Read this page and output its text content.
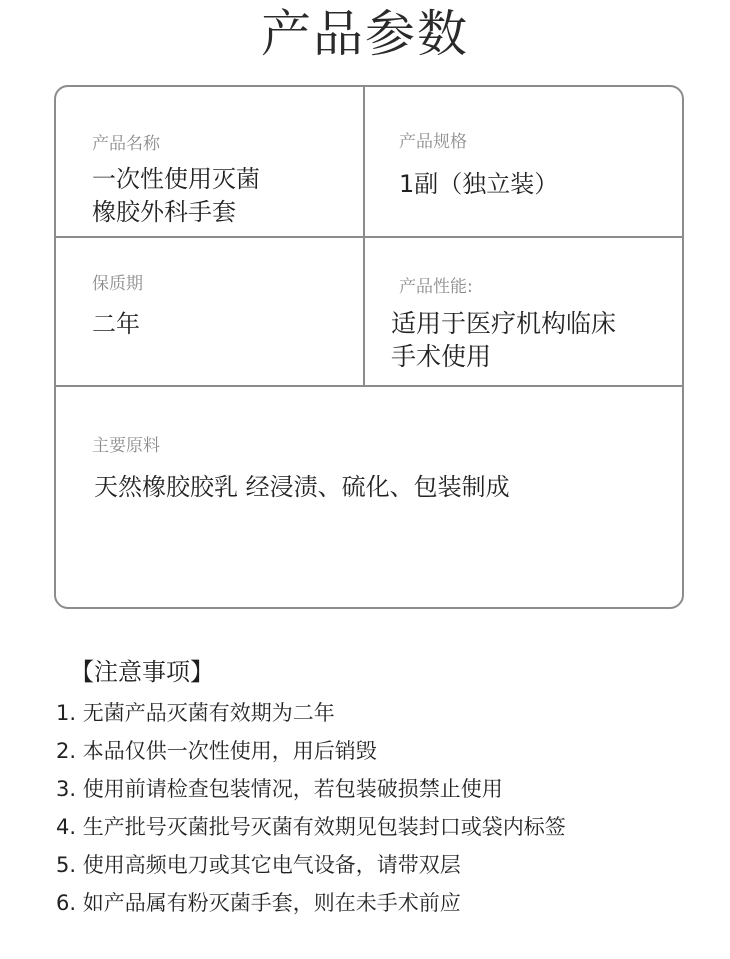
产品参数
产品名称
一次性使用灭菌
橡胶外科手套
产品规格
1副（独立装）
保质期
二年
产品性能:
适用于医疗机构临床
手术使用
主要原料
天然橡胶胶乳 经浸渍、硫化、包装制成
【注意事项】
1. 无菌产品灭菌有效期为二年
2. 本品仅供一次性使用，用后销毁
3. 使用前请检查包装情况，若包装破损禁止使用
4. 生产批号灭菌批号灭菌有效期见包装封口或袋内标签
5. 使用高频电刀或其它电气设备，请带双层
6. 如产品属有粉灭菌手套，则在未手术前应
